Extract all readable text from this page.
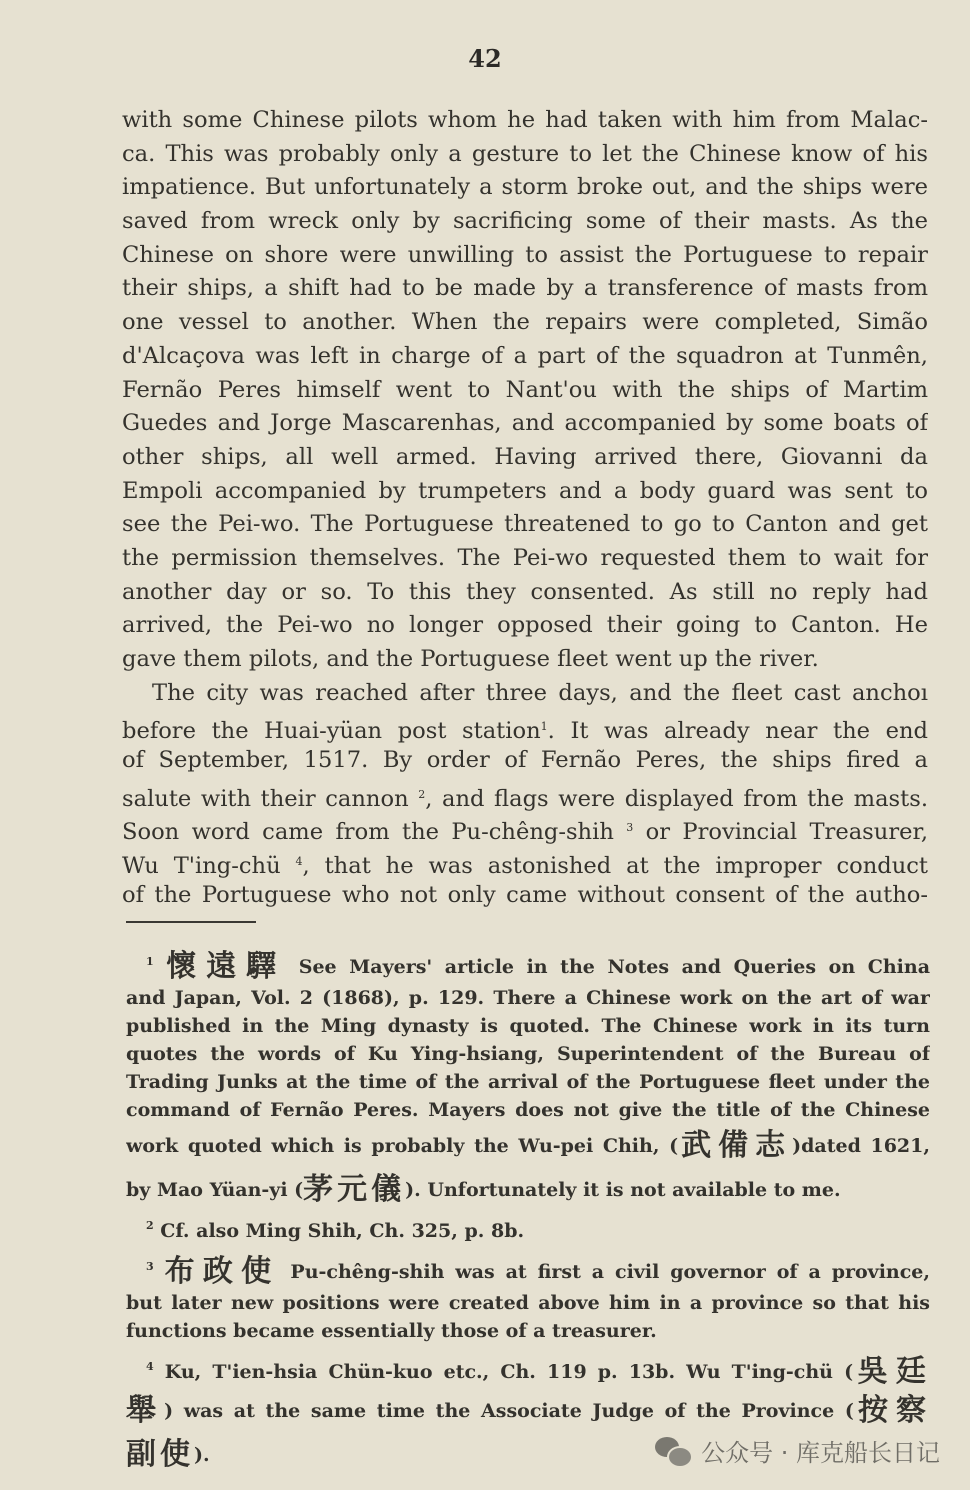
42
with some Chinese pilots whom he had taken with him from Malac-
ca. This was probably only a gesture to let the Chinese know of his
impatience. But unfortunately a storm broke out, and the ships were
saved from wreck only by sacrificing some of their masts. As the
Chinese on shore were unwilling to assist the Portuguese to repair
their ships, a shift had to be made by a transference of masts from
one vessel to another. When the repairs were completed, Simão
d'Alcaçova was left in charge of a part of the squadron at Tunmên,
Fernão Peres himself went to Nant'ou with the ships of Martim
Guedes and Jorge Mascarenhas, and accompanied by some boats of
other ships, all well armed. Having arrived there, Giovanni da
Empoli accompanied by trumpeters and a body guard was sent to
see the Pei-wo. The Portuguese threatened to go to Canton and get
the permission themselves. The Pei-wo requested them to wait for
another day or so. To this they consented. As still no reply had
arrived, the Pei-wo no longer opposed their going to Canton. He
gave them pilots, and the Portuguese fleet went up the river.
The city was reached after three days, and the fleet cast anchoı
before the Huai-yüan post station$^1$. It was already near the end
of September, 1517. By order of Fernão Peres, the ships fired a
salute with their cannon $^2$, and flags were displayed from the masts.
Soon word came from the Pu-chêng-shih $^3$ or Provincial Treasurer,
Wu T'ing-chü $^4$, that he was astonished at the improper conduct
of the Portuguese who not only came without consent of the autho-
$^1$ 懷遠驛 See Mayers' article in the Notes and Queries on China
and Japan, Vol. 2 (1868), p. 129. There a Chinese work on the art of war
published in the Ming dynasty is quoted. The Chinese work in its turn
quotes the words of Ku Ying-hsiang, Superintendent of the Bureau of
Trading Junks at the time of the arrival of the Portuguese fleet under the
command of Fernão Peres. Mayers does not give the title of the Chinese
work quoted which is probably the Wu-pei Chih, (武備志)dated 1621,
by Mao Yüan-yi (茅元儀). Unfortunately it is not available to me.
$^2$ Cf. also Ming Shih, Ch. 325, p. 8b.
$^3$ 布政使 Pu-chêng-shih was at first a civil governor of a province,
but later new positions were created above him in a province so that his
functions became essentially those of a treasurer.
$^4$ Ku, T'ien-hsia Chün-kuo etc., Ch. 119 p. 13b. Wu T'ing-chü (吳廷
舉) was at the same time the Associate Judge of the Province (按察
副使).	公众号 · 库克船长日记
